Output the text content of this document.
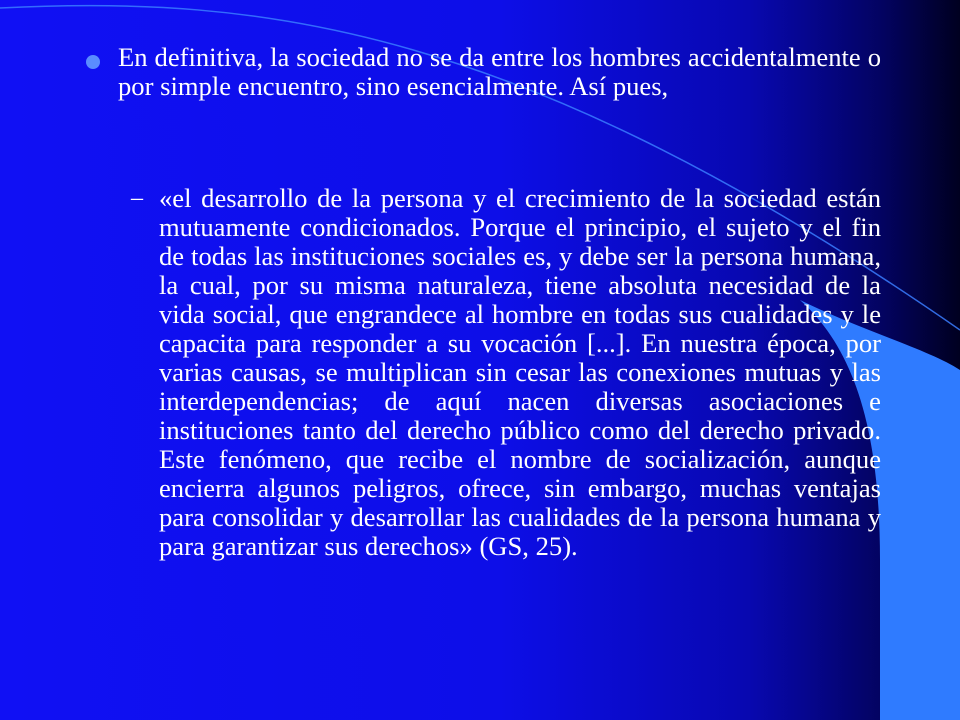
En definitiva, la sociedad no se da entre los hombres accidentalmente o por simple encuentro, sino esencialmente. Así pues,

– «el desarrollo de la persona y el crecimiento de la sociedad están mutuamente condicionados. Porque el principio, el sujeto y el fin de todas las instituciones sociales es, y debe ser la persona humana, la cual, por su misma naturaleza, tiene absoluta necesidad de la vida social, que engrandece al hombre en todas sus cualidades y le capacita para responder a su vocación [...]. En nuestra época, por varias causas, se multiplican sin cesar las conexiones mutuas y las interdependencias; de aquí nacen diversas asociaciones e instituciones tanto del derecho público como del derecho privado. Este fenómeno, que recibe el nombre de socialización, aunque encierra algunos peligros, ofrece, sin embargo, muchas ventajas para consolidar y desarrollar las cualidades de la persona humana y para garantizar sus derechos» (GS, 25).
